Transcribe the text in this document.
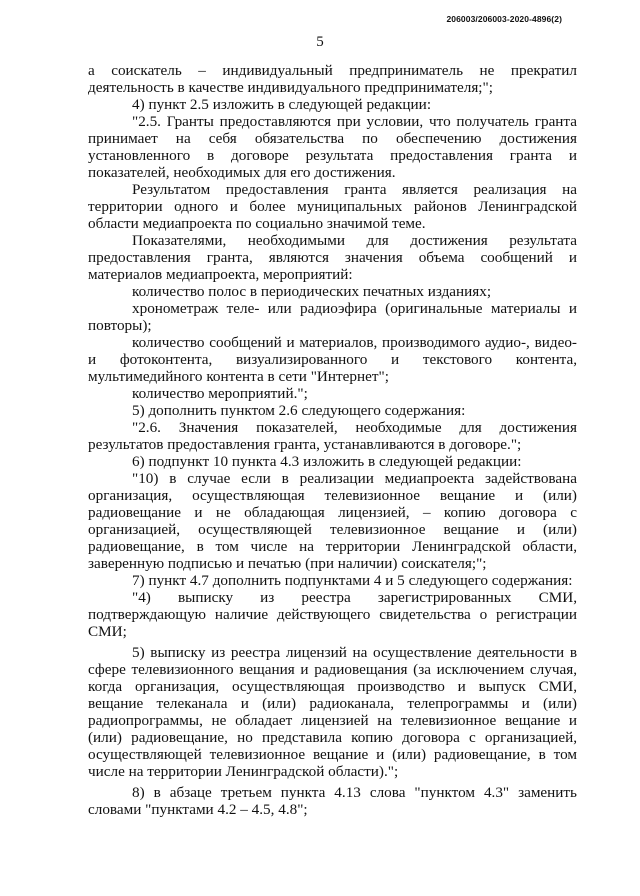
206003/206003-2020-4896(2)
5

а соискатель – индивидуальный предприниматель не прекратил деятельность в качестве индивидуального предпринимателя;";

4) пункт 2.5 изложить в следующей редакции:

"2.5. Гранты предоставляются при условии, что получатель гранта принимает на себя обязательства по обеспечению достижения установленного в договоре результата предоставления гранта и показателей, необходимых для его достижения.

Результатом предоставления гранта является реализация на территории одного и более муниципальных районов Ленинградской области медиапроекта по социально значимой теме.

Показателями, необходимыми для достижения результата предоставления гранта, являются значения объема сообщений и материалов медиапроекта, мероприятий:

количество полос в периодических печатных изданиях;

хронометраж теле- или радиоэфира (оригинальные материалы и повторы);

количество сообщений и материалов, производимого аудио-, видео- и фотоконтента, визуализированного и текстового контента, мультимедийного контента в сети "Интернет";

количество мероприятий.";

5) дополнить пунктом 2.6 следующего содержания:

"2.6. Значения показателей, необходимые для достижения результатов предоставления гранта, устанавливаются в договоре.";

6) подпункт 10 пункта 4.3 изложить в следующей редакции:

"10) в случае если в реализации медиапроекта задействована организация, осуществляющая телевизионное вещание и (или) радиовещание и не обладающая лицензией, – копию договора с организацией, осуществляющей телевизионное вещание и (или) радиовещание, в том числе на территории Ленинградской области, заверенную подписью и печатью (при наличии) соискателя;";

7) пункт 4.7 дополнить подпунктами 4 и 5 следующего содержания:

"4) выписку из реестра зарегистрированных СМИ, подтверждающую наличие действующего свидетельства о регистрации СМИ;

5) выписку из реестра лицензий на осуществление деятельности в сфере телевизионного вещания и радиовещания (за исключением случая, когда организация, осуществляющая производство и выпуск СМИ, вещание телеканала и (или) радиоканала, телепрограммы и (или) радиопрограммы, не обладает лицензией на телевизионное вещание и (или) радиовещание, но представила копию договора с организацией, осуществляющей телевизионное вещание и (или) радиовещание, в том числе на территории Ленинградской области).";

8) в абзаце третьем пункта 4.13 слова "пунктом 4.3" заменить словами "пунктами 4.2 – 4.5, 4.8";
